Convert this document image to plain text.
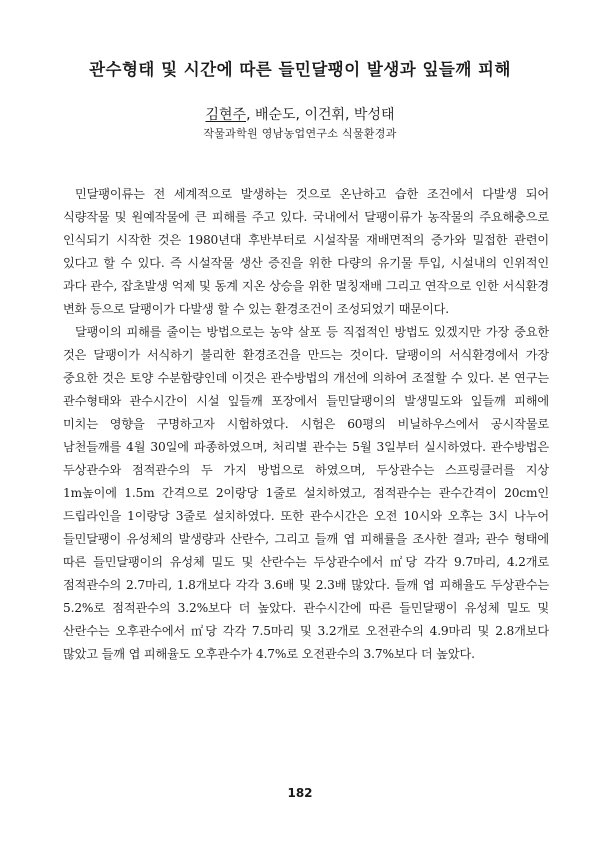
관수형태 및 시간에 따른 들민달팽이 발생과 잎들깨 피해
김현주, 배순도, 이건휘, 박성태
작물과학원 영남농업연구소 식물환경과

민달팽이류는 전 세계적으로 발생하는 것으로 온난하고 습한 조건에서 다발생 되어 식량작물 및 원예작물에 큰 피해를 주고 있다. 국내에서 달팽이류가 농작물의 주요해충으로 인식되기 시작한 것은 1980년대 후반부터로 시설작물 재배면적의 증가와 밀접한 관련이 있다고 할 수 있다. 즉 시설작물 생산 증진을 위한 다량의 유기물 투입, 시설내의 인위적인 과다 관수, 잡초발생 억제 및 동계 지온 상승을 위한 멀칭재배 그리고 연작으로 인한 서식환경 변화 등으로 달팽이가 다발생 할 수 있는 환경조건이 조성되었기 때문이다.

달팽이의 피해를 줄이는 방법으로는 농약 살포 등 직접적인 방법도 있겠지만 가장 중요한 것은 달팽이가 서식하기 불리한 환경조건을 만드는 것이다. 달팽이의 서식환경에서 가장 중요한 것은 토양 수분함량인데 이것은 관수방법의 개선에 의하여 조절할 수 있다. 본 연구는 관수형태와 관수시간이 시설 잎들깨 포장에서 들민달팽이의 발생밀도와 잎들깨 피해에 미치는 영향을 구명하고자 시험하였다. 시험은 60평의 비닐하우스에서 공시작물로 남천들깨를 4월 30일에 파종하였으며, 처리별 관수는 5월 3일부터 실시하였다. 관수방법은 두상관수와 점적관수의 두 가지 방법으로 하였으며, 두상관수는 스프링클러를 지상 1m높이에 1.5m 간격으로 2이랑당 1줄로 설치하였고, 점적관수는 관수간격이 20cm인 드립라인을 1이랑당 3줄로 설치하였다. 또한 관수시간은 오전 10시와 오후는 3시 나누어 들민달팽이 유성체의 발생량과 산란수, 그리고 들깨 엽 피해률을 조사한 결과; 관수 형태에 따른 들민달팽이의 유성체 밀도 및 산란수는 두상관수에서 ㎡당 각각 9.7마리, 4.2개로 점적관수의 2.7마리, 1.8개보다 각각 3.6배 및 2.3배 많았다. 들깨 엽 피해율도 두상관수는 5.2%로 점적관수의 3.2%보다 더 높았다. 관수시간에 따른 들민달팽이 유성체 밀도 및 산란수는 오후관수에서 ㎡당 각각 7.5마리 및 3.2개로 오전관수의 4.9마리 및 2.8개보다 많았고 들깨 엽 피해율도 오후관수가 4.7%로 오전관수의 3.7%보다 더 높았다.

182
